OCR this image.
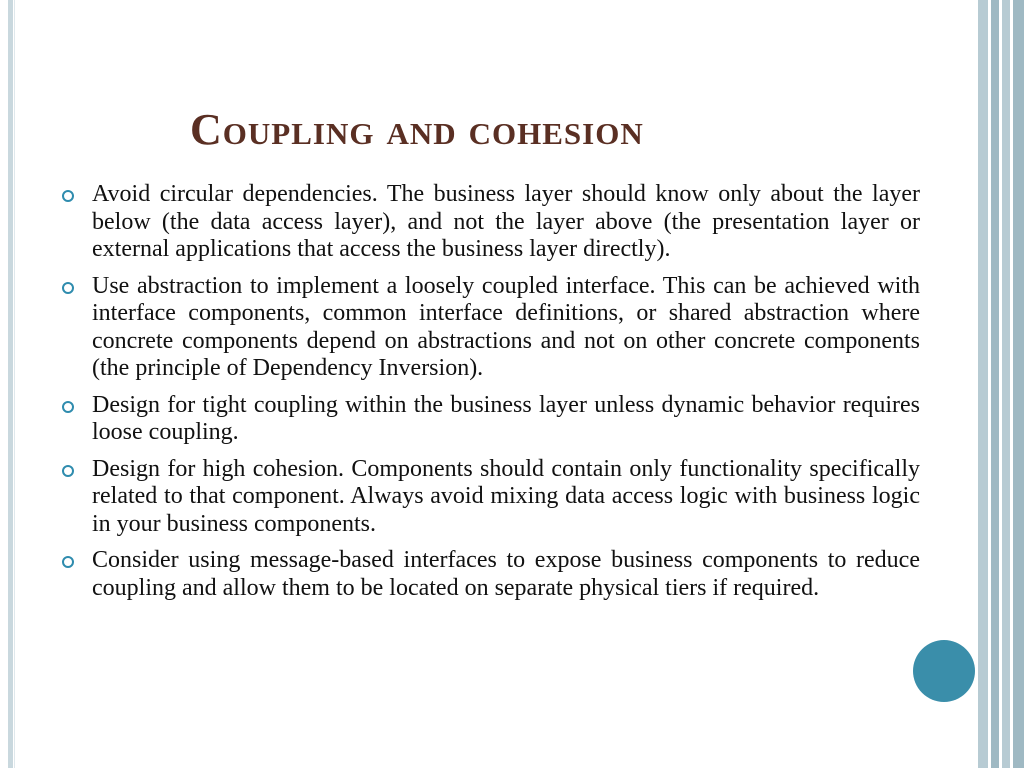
Coupling and cohesion
Avoid circular dependencies. The business layer should know only about the layer below (the data access layer), and not the layer above (the presentation layer or external applications that access the business layer directly).
Use abstraction to implement a loosely coupled interface. This can be achieved with interface components, common interface definitions, or shared abstraction where concrete components depend on abstractions and not on other concrete components (the principle of Dependency Inversion).
Design for tight coupling within the business layer unless dynamic behavior requires loose coupling.
Design for high cohesion. Components should contain only functionality specifically related to that component. Always avoid mixing data access logic with business logic in your business components.
Consider using message-based interfaces to expose business components to reduce coupling and allow them to be located on separate physical tiers if required.
